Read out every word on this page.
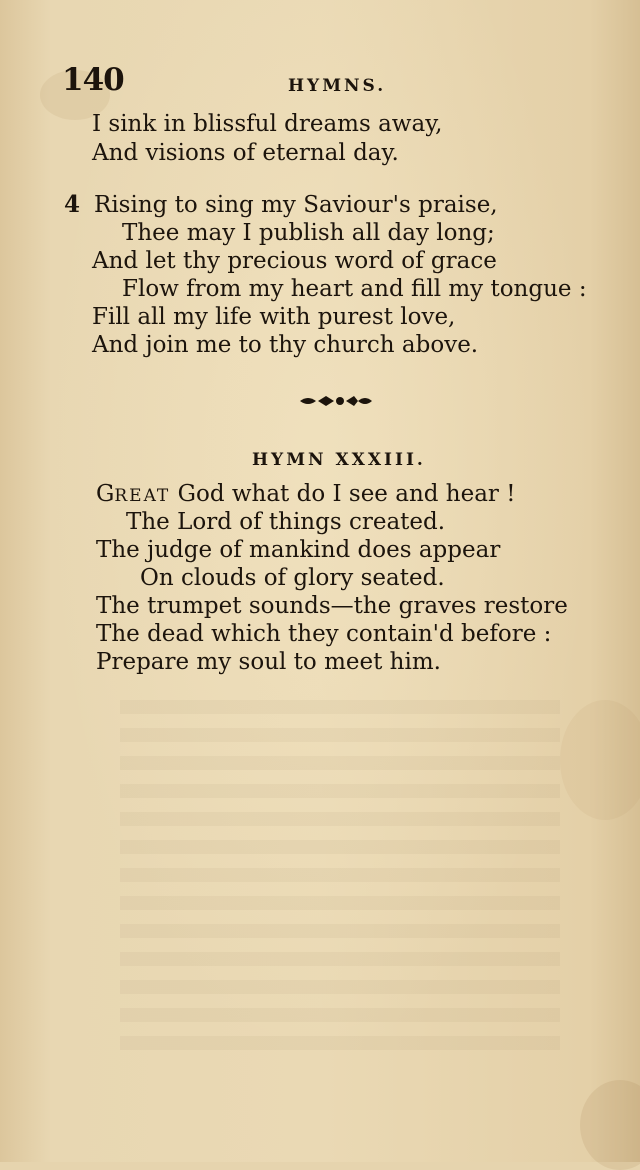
140	HYMNS.
I sink in blissful dreams away,
And visions of eternal day.
4 Rising to sing my Saviour's praise,
Thee may I publish all day long;
And let thy precious word of grace
Flow from my heart and fill my tongue :
Fill all my life with purest love,
And join me to thy church above.
HYMN XXXIII.
GREAT God what do I see and hear !
The Lord of things created.
The judge of mankind does appear
On clouds of glory seated.
The trumpet sounds—the graves restore
The dead which they contain'd before :
Prepare my soul to meet him.
